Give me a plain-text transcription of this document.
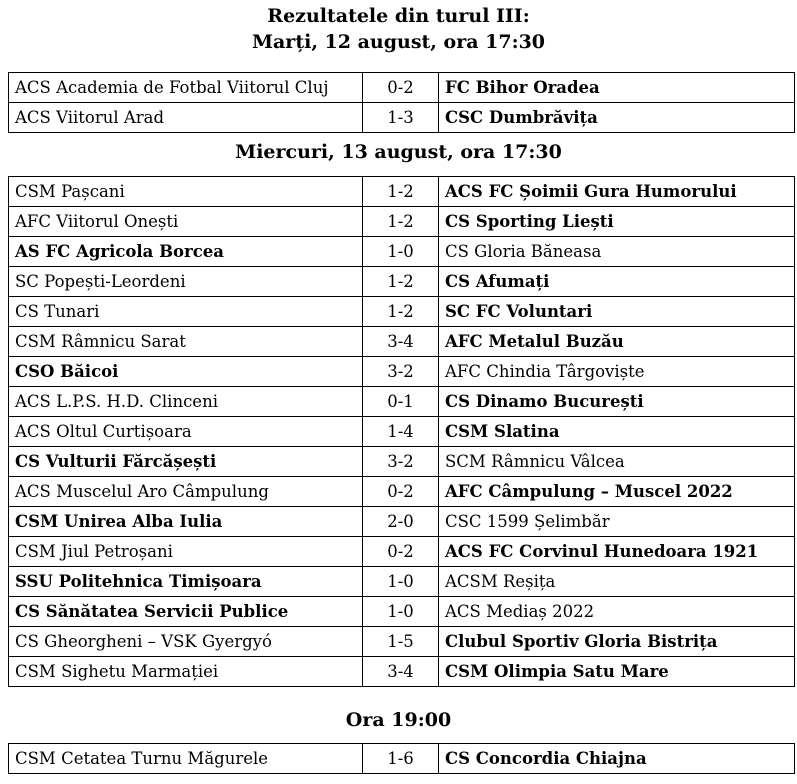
Rezultatele din turul III:
Marți, 12 august, ora 17:30
ACS Academia de Fotbal Viitorul Cluj	0-2	FC Bihor Oradea
ACS Viitorul Arad	1-3	CSC Dumbrăvița
Miercuri, 13 august, ora 17:30
CSM Pașcani	1-2	ACS FC Șoimii Gura Humorului
AFC Viitorul Onești	1-2	CS Sporting Liești
AS FC Agricola Borcea	1-0	CS Gloria Băneasa
SC Popești-Leordeni	1-2	CS Afumați
CS Tunari	1-2	SC FC Voluntari
CSM Râmnicu Sarat	3-4	AFC Metalul Buzău
CSO Băicoi	3-2	AFC Chindia Târgoviște
ACS L.P.S. H.D. Clinceni	0-1	CS Dinamo București
ACS Oltul Curtișoara	1-4	CSM Slatina
CS Vulturii Fărcășești	3-2	SCM Râmnicu Vâlcea
ACS Muscelul Aro Câmpulung	0-2	AFC Câmpulung – Muscel 2022
CSM Unirea Alba Iulia	2-0	CSC 1599 Șelimbăr
CSM Jiul Petroșani	0-2	ACS FC Corvinul Hunedoara 1921
SSU Politehnica Timișoara	1-0	ACSM Reșița
CS Sănătatea Servicii Publice	1-0	ACS Mediaș 2022
CS Gheorgheni – VSK Gyergyó	1-5	Clubul Sportiv Gloria Bistrița
CSM Sighetu Marmației	3-4	CSM Olimpia Satu Mare
Ora 19:00
CSM Cetatea Turnu Măgurele	1-6	CS Concordia Chiajna
